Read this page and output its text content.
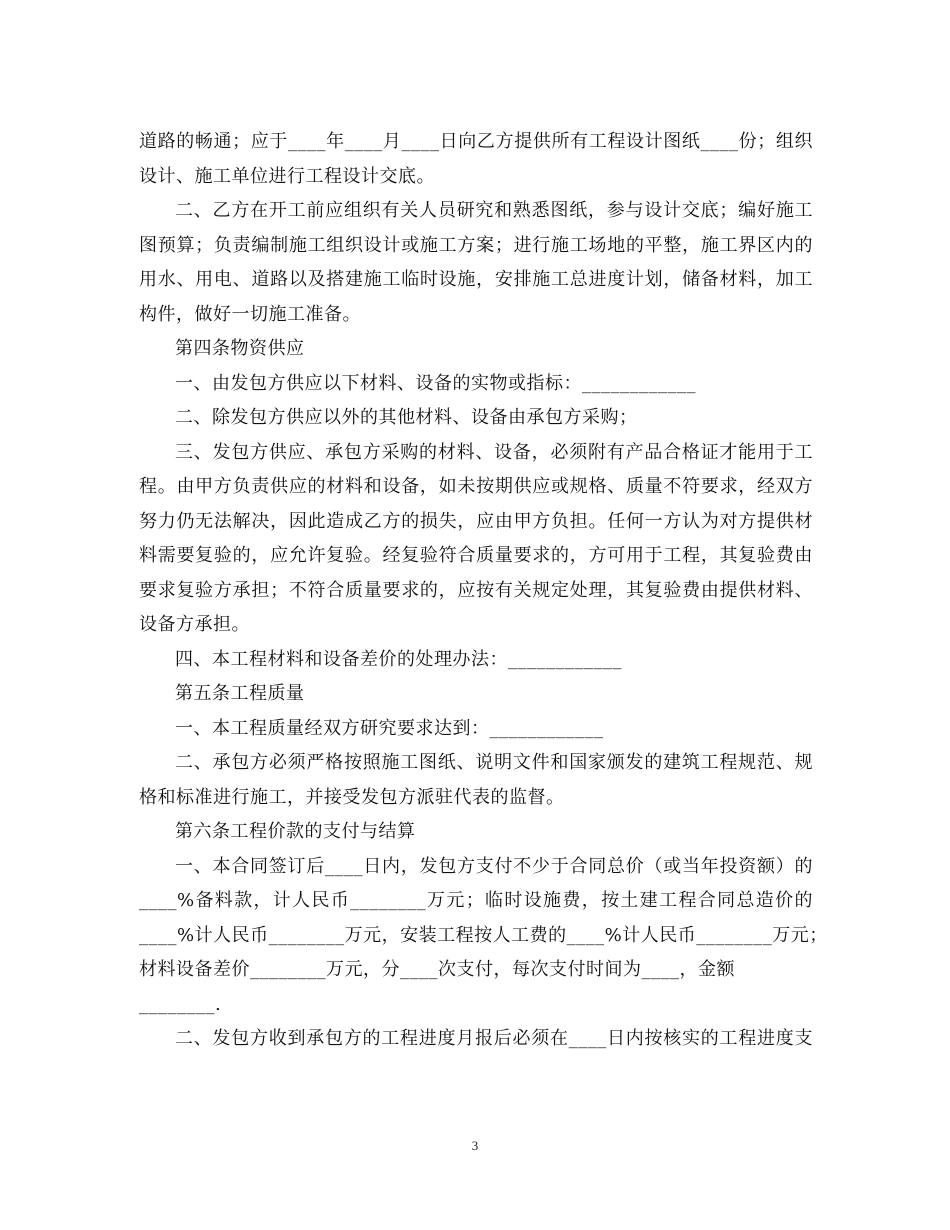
道路的畅通；应于____年____月____日向乙方提供所有工程设计图纸____份；组织
设计、施工单位进行工程设计交底。
二、乙方在开工前应组织有关人员研究和熟悉图纸，参与设计交底；编好施工
图预算；负责编制施工组织设计或施工方案；进行施工场地的平整，施工界区内的
用水、用电、道路以及搭建施工临时设施，安排施工总进度计划，储备材料，加工
构件，做好一切施工准备。
第四条物资供应
一、由发包方供应以下材料、设备的实物或指标：____________
二、除发包方供应以外的其他材料、设备由承包方采购；
三、发包方供应、承包方采购的材料、设备，必须附有产品合格证才能用于工
程。由甲方负责供应的材料和设备，如未按期供应或规格、质量不符要求，经双方
努力仍无法解决，因此造成乙方的损失，应由甲方负担。任何一方认为对方提供材
料需要复验的，应允许复验。经复验符合质量要求的，方可用于工程，其复验费由
要求复验方承担；不符合质量要求的，应按有关规定处理，其复验费由提供材料、
设备方承担。
四、本工程材料和设备差价的处理办法：____________
第五条工程质量
一、本工程质量经双方研究要求达到：____________
二、承包方必须严格按照施工图纸、说明文件和国家颁发的建筑工程规范、规
格和标准进行施工，并接受发包方派驻代表的监督。
第六条工程价款的支付与结算
一、本合同签订后____日内，发包方支付不少于合同总价（或当年投资额）的
____%备料款，计人民币________万元；临时设施费，按土建工程合同总造价的
____%计人民币________万元，安装工程按人工费的____%计人民币________万元；
材料设备差价________万元，分____次支付，每次支付时间为____，金额
________.
二、发包方收到承包方的工程进度月报后必须在____日内按核实的工程进度支
3
